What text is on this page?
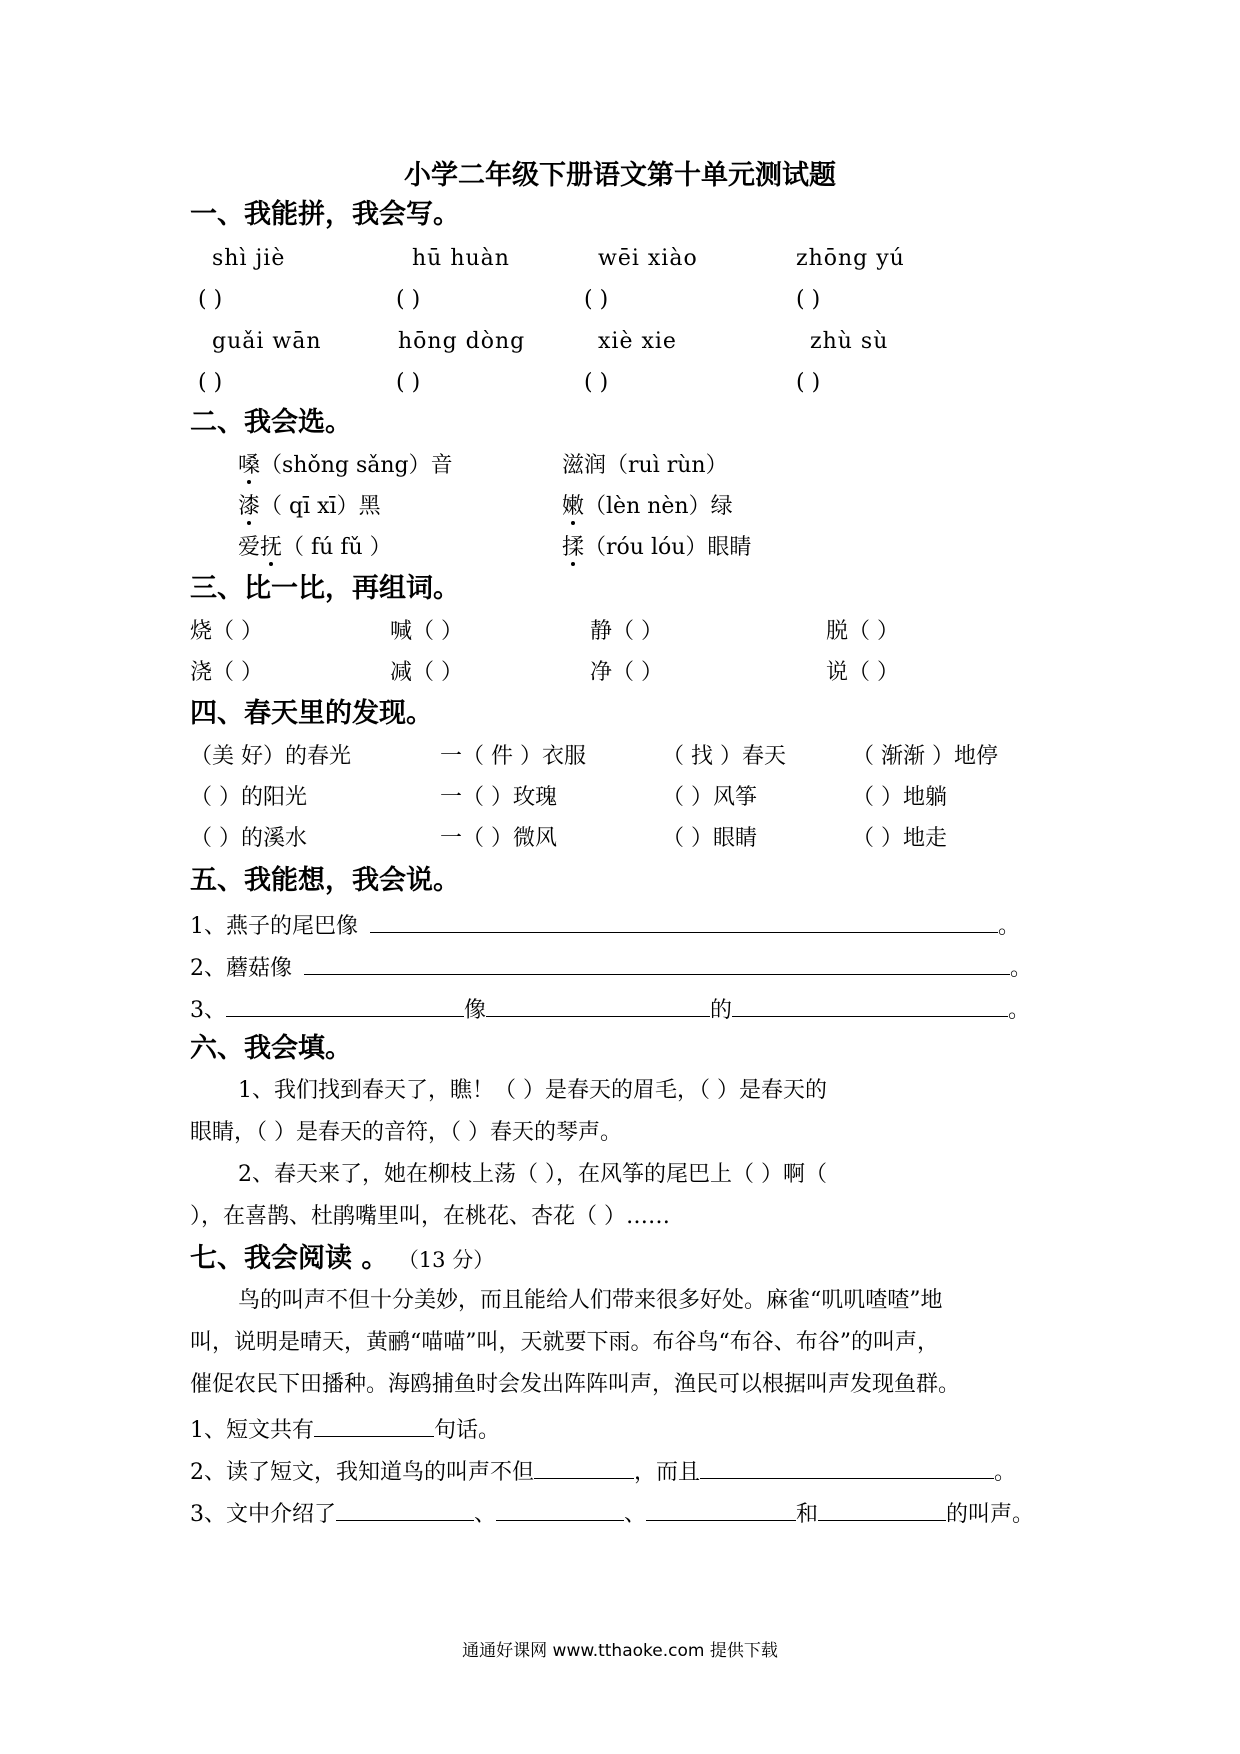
小学二年级下册语文第十单元测试题
一、我能拼，我会写。
shì jiè	hū huàn	wēi xiào	zhōng yú
( )	( )	( )	( )
guǎi wān	hōng dòng	xiè xie	zhù sù
( )	( )	( )	( )
二、我会选。
嗓（shǒng sǎng）音	滋润（ruì rùn）
漆（ qī xī）黑	嫩（lèn nèn）绿
爱抚（ fú fǔ ）	揉（róu lóu）眼睛
三、比一比，再组词。
烧（ ）	喊（ ）	静（ ）	脱（ ）
浇（ ）	减（ ）	净（ ）	说（ ）
四、春天里的发现。
（美 好）的春光	一（ 件 ）衣服	（ 找 ）春天	（ 渐渐 ）地停
（ ）的阳光	一（ ）玫瑰	（ ）风筝	（ ）地躺
（ ）的溪水	一（ ）微风	（ ）眼睛	（ ）地走
五、我能想，我会说。
1、燕子的尾巴像	。
2、蘑菇像	。
3、	像	的	。
六、我会填。
1、我们找到春天了，瞧！（ ）是春天的眉毛，（ ）是春天的
眼睛，（ ）是春天的音符，（ ）春天的琴声。
2、春天来了，她在柳枝上荡（ ），在风筝的尾巴上（ ）啊（
），在喜鹊、杜鹃嘴里叫，在桃花、杏花（ ）……
七、我会阅读 。 （13 分）
鸟的叫声不但十分美妙，而且能给人们带来很多好处。麻雀“叽叽喳喳”地
叫，说明是晴天，黄鹂“喵喵”叫，天就要下雨。布谷鸟“布谷、布谷”的叫声，
催促农民下田播种。海鸥捕鱼时会发出阵阵叫声，渔民可以根据叫声发现鱼群。
1、短文共有	句话。
2、读了短文，我知道鸟的叫声不但	，而且	。
3、文中介绍了	、	、	和	的叫声。
通通好课网 www.tthaoke.com 提供下载
